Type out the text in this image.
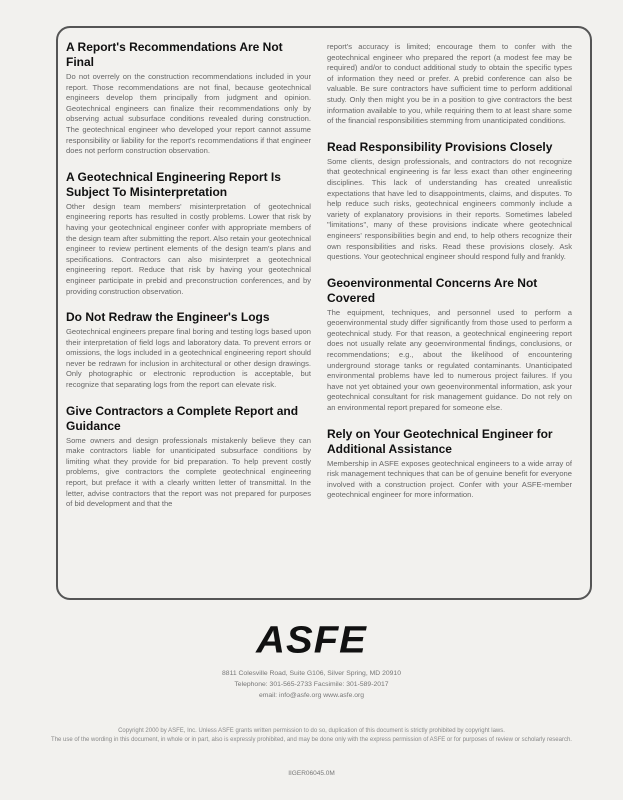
A Report's Recommendations Are Not Final

Do not overrely on the construction recommendations included in your report. Those recommendations are not final, because geotechnical engineers develop them principally from judgment and opinion. Geotechnical engineers can finalize their recommendations only by observing actual subsurface conditions revealed during construction. The geotechnical engineer who developed your report cannot assume responsibility or liability for the report's recommendations if that engineer does not perform construction observation.

A Geotechnical Engineering Report Is Subject To Misinterpretation

Other design team members' misinterpretation of geotechnical engineering reports has resulted in costly problems. Lower that risk by having your geotechnical engineer confer with appropriate members of the design team after submitting the report. Also retain your geotechnical engineer to review pertinent elements of the design team's plans and specifications. Contractors can also misinterpret a geotechnical engineering report. Reduce that risk by having your geotechnical engineer participate in prebid and preconstruction conferences, and by providing construction observation.

Do Not Redraw the Engineer's Logs

Geotechnical engineers prepare final boring and testing logs based upon their interpretation of field logs and laboratory data. To prevent errors or omissions, the logs included in a geotechnical engineering report should never be redrawn for inclusion in architectural or other design drawings. Only photographic or electronic reproduction is acceptable, but recognize that separating logs from the report can elevate risk.

Give Contractors a Complete Report and Guidance

Some owners and design professionals mistakenly believe they can make contractors liable for unanticipated subsurface conditions by limiting what they provide for bid preparation. To help prevent costly problems, give contractors the complete geotechnical engineering report, but preface it with a clearly written letter of transmittal. In the letter, advise contractors that the report was not prepared for purposes of bid development and that the

report's accuracy is limited; encourage them to confer with the geotechnical engineer who prepared the report (a modest fee may be required) and/or to conduct additional study to obtain the specific types of information they need or prefer. A prebid conference can also be valuable. Be sure contractors have sufficient time to perform additional study. Only then might you be in a position to give contractors the best information available to you, while requiring them to at least share some of the financial responsibilities stemming from unanticipated conditions.

Read Responsibility Provisions Closely

Some clients, design professionals, and contractors do not recognize that geotechnical engineering is far less exact than other engineering disciplines. This lack of understanding has created unrealistic expectations that have led to disappointments, claims, and disputes. To help reduce such risks, geotechnical engineers commonly include a variety of explanatory provisions in their reports. Sometimes labeled "limitations", many of these provisions indicate where geotechnical engineers' responsibilities begin and end, to help others recognize their own responsibilities and risks. Read these provisions closely. Ask questions. Your geotechnical engineer should respond fully and frankly.

Geoenvironmental Concerns Are Not Covered

The equipment, techniques, and personnel used to perform a geoenvironmental study differ significantly from those used to perform a geotechnical study. For that reason, a geotechnical engineering report does not usually relate any geoenvironmental findings, conclusions, or recommendations; e.g., about the likelihood of encountering underground storage tanks or regulated contaminants. Unanticipated environmental problems have led to numerous project failures. If you have not yet obtained your own geoenvironmental information, ask your geotechnical consultant for risk management guidance. Do not rely on an environmental report prepared for someone else.

Rely on Your Geotechnical Engineer for Additional Assistance

Membership in ASFE exposes geotechnical engineers to a wide array of risk management techniques that can be of genuine benefit for everyone involved with a construction project. Confer with your ASFE-member geotechnical engineer for more information.

ASFE
8811 Colesville Road, Suite G106, Silver Spring, MD 20910
Telephone: 301-565-2733 Facsimile: 301-589-2017
email: info@asfe.org www.asfe.org
Copyright 2000 by ASFE, Inc. Unless ASFE grants written permission to do so, duplication of this document is strictly prohibited by copyright laws.
The use of the wording in this document, in whole or in part, also is expressly prohibited, and may be done only with the express permission of ASFE or for purposes of review or scholarly research.
IIGER06045.0M
